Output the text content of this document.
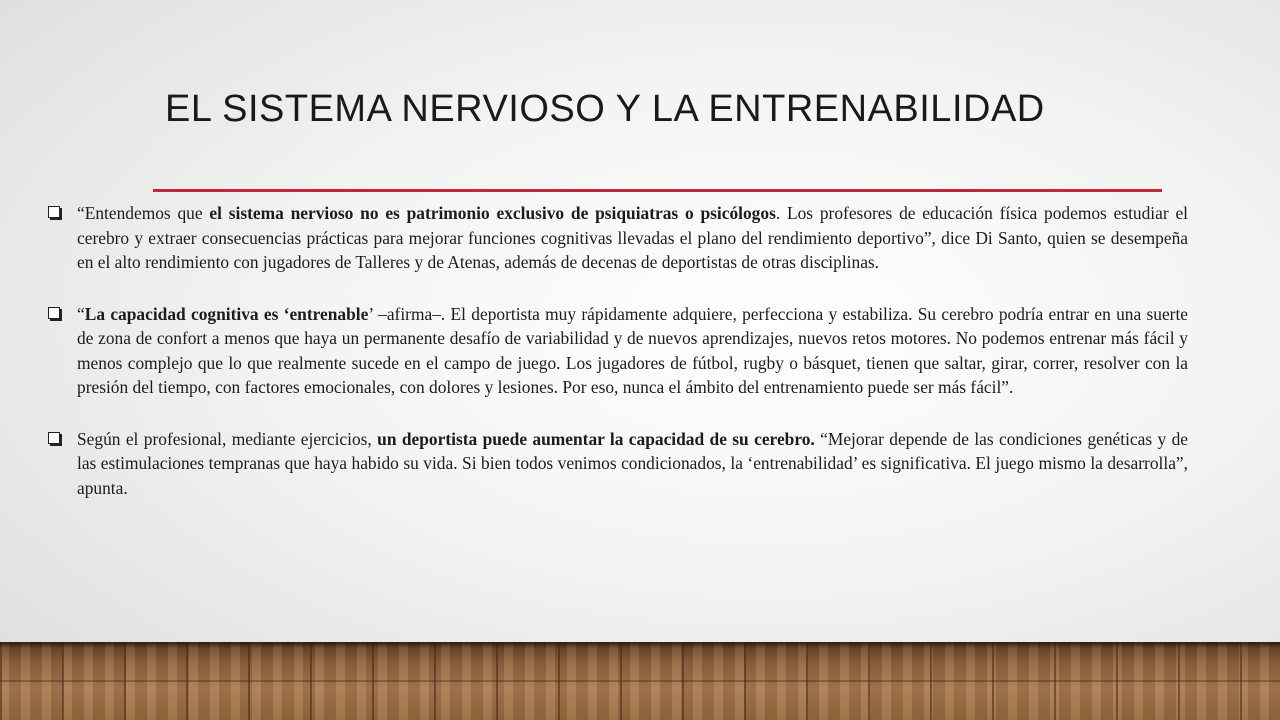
EL SISTEMA NERVIOSO Y LA ENTRENABILIDAD

“Entendemos que el sistema nervioso no es patrimonio exclusivo de psiquiatras o psicólogos. Los profesores de educación física podemos estudiar el cerebro y extraer consecuencias prácticas para mejorar funciones cognitivas llevadas el plano del rendimiento deportivo”, dice Di Santo, quien se desempeña en el alto rendimiento con jugadores de Talleres y de Atenas, además de decenas de deportistas de otras disciplinas.

“La capacidad cognitiva es ‘entrenable’ –afirma–. El deportista muy rápidamente adquiere, perfecciona y estabiliza. Su cerebro podría entrar en una suerte de zona de confort a menos que haya un permanente desafío de variabilidad y de nuevos aprendizajes, nuevos retos motores. No podemos entrenar más fácil y menos complejo que lo que realmente sucede en el campo de juego. Los jugadores de fútbol, rugby o básquet, tienen que saltar, girar, correr, resolver con la presión del tiempo, con factores emocionales, con dolores y lesiones. Por eso, nunca el ámbito del entrenamiento puede ser más fácil”.

Según el profesional, mediante ejercicios, un deportista puede aumentar la capacidad de su cerebro. “Mejorar depende de las condiciones genéticas y de las estimulaciones tempranas que haya habido su vida. Si bien todos venimos condicionados, la ‘entrenabilidad’ es significativa. El juego mismo la desarrolla”, apunta.
